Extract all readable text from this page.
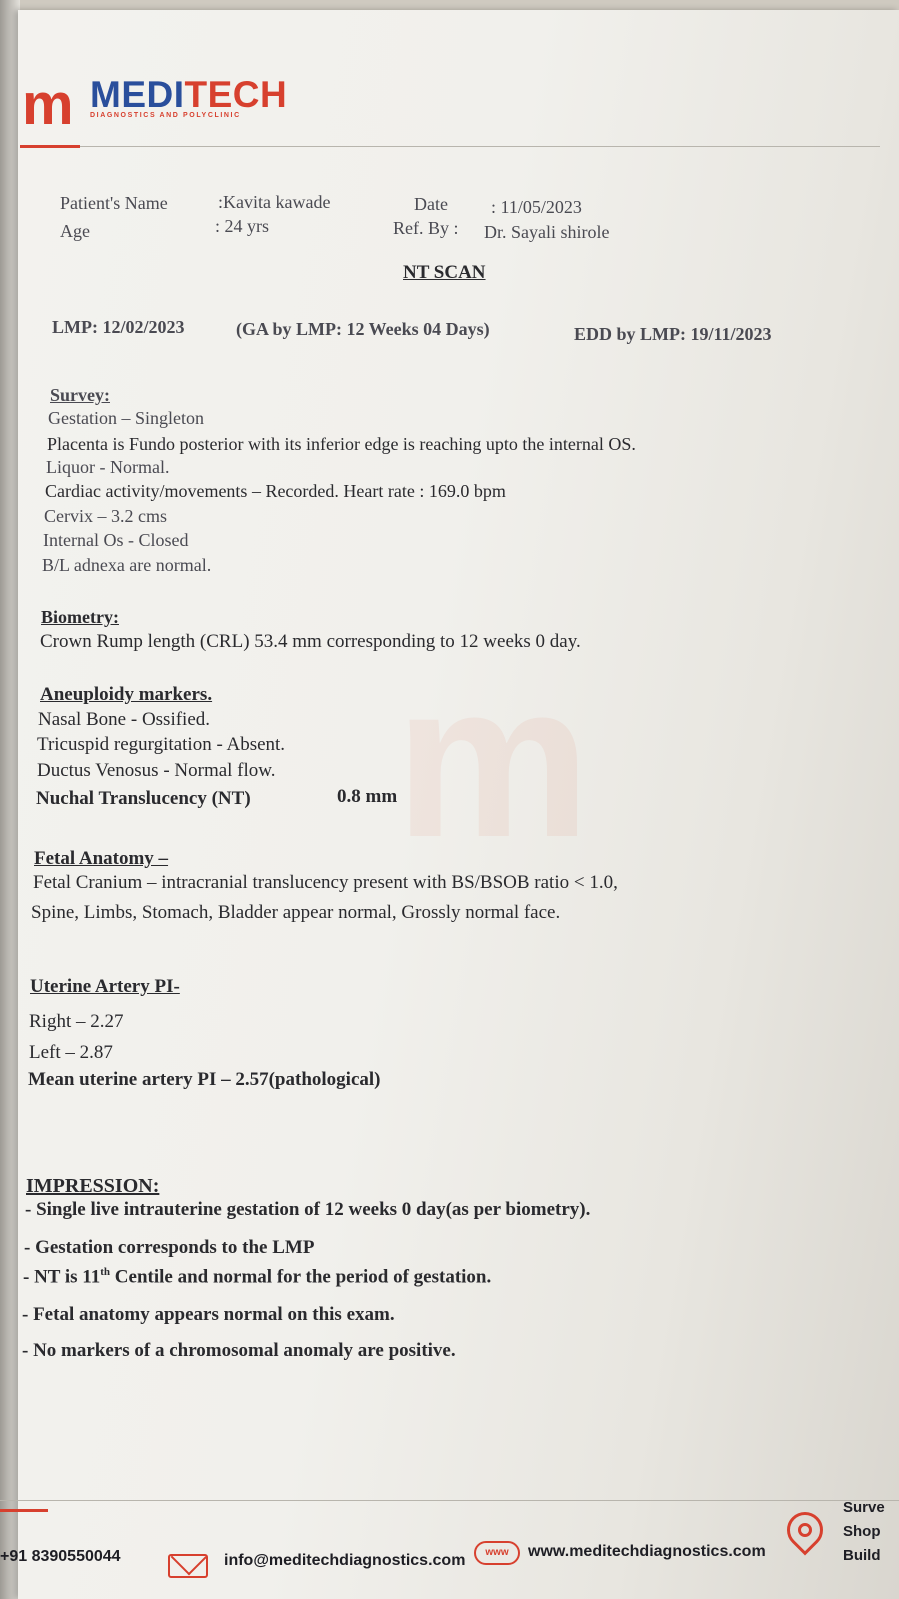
m MEDITECH
DIAGNOSTICS AND POLYCLINIC
m
Patient's Name	:Kavita kawade
Age	: 24 yrs
Date : 11/05/2023
Ref. By : Dr. Sayali shirole
NT SCAN
LMP: 12/02/2023	(GA by LMP: 12 Weeks 04 Days)	EDD by LMP: 19/11/2023
Survey:
Gestation – Singleton
Placenta is Fundo posterior with its inferior edge is reaching upto the internal OS.
Liquor - Normal.
Cardiac activity/movements – Recorded. Heart rate : 169.0 bpm
Cervix – 3.2 cms
Internal Os - Closed
B/L adnexa are normal.
Biometry:
Crown Rump length (CRL) 53.4 mm corresponding to 12 weeks 0 day.
Aneuploidy markers.
Nasal Bone - Ossified.
Tricuspid regurgitation - Absent.
Ductus Venosus - Normal flow.
Nuchal Translucency (NT)	0.8 mm
Fetal Anatomy –
Fetal Cranium – intracranial translucency present with BS/BSOB ratio < 1.0,
Spine, Limbs, Stomach, Bladder appear normal, Grossly normal face.
Uterine Artery PI-
Right – 2.27
Left – 2.87
Mean uterine artery PI – 2.57(pathological)
IMPRESSION:
- Single live intrauterine gestation of 12 weeks 0 day(as per biometry).
- Gestation corresponds to the LMP
- NT is 11th Centile and normal for the period of gestation.
- Fetal anatomy appears normal on this exam.
- No markers of a chromosomal anomaly are positive.
+91 8390550044	info@meditechdiagnostics.com	www	www.meditechdiagnostics.com
Surve
Shop
Build
